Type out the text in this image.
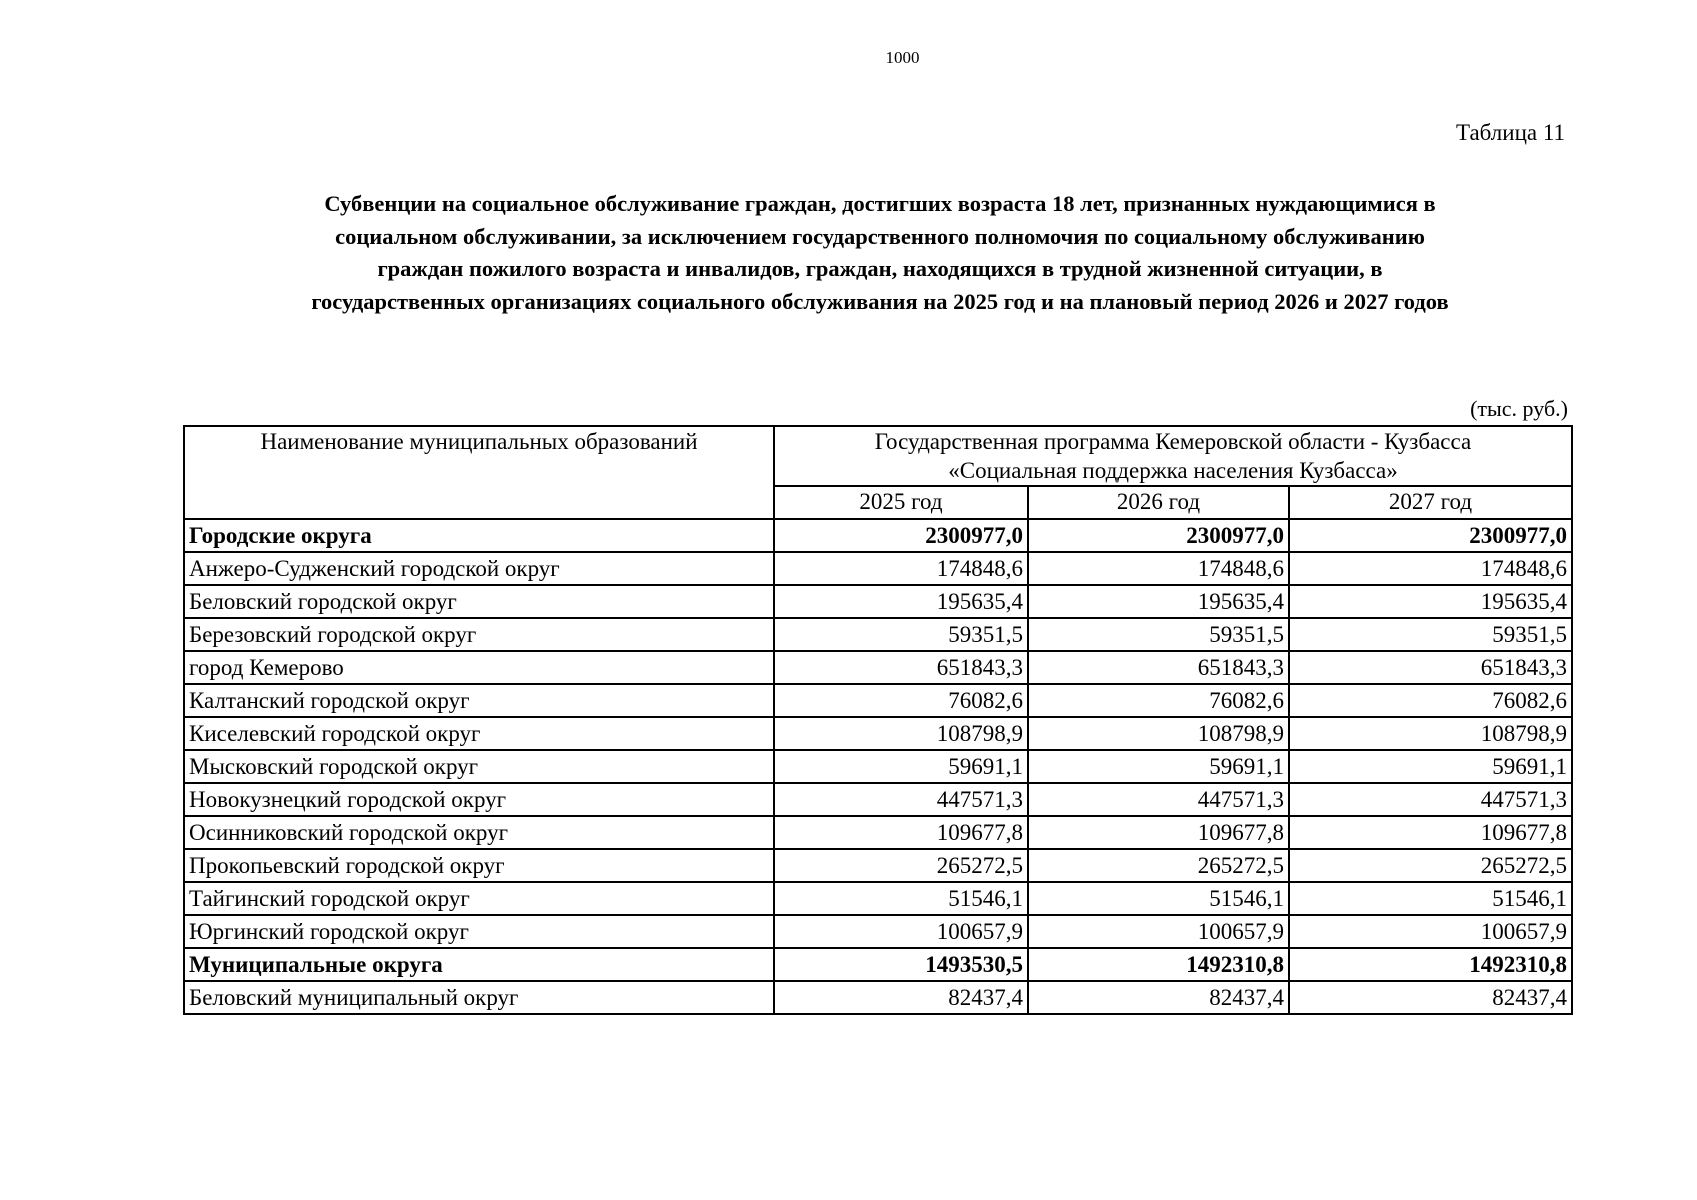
1000
Таблица 11
Субвенции на социальное обслуживание граждан, достигших возраста 18 лет, признанных нуждающимися в
социальном обслуживании, за исключением государственного полномочия по социальному обслуживанию
граждан пожилого возраста и инвалидов, граждан, находящихся в трудной жизненной ситуации, в
государственных организациях социального обслуживания на 2025 год и на плановый период 2026 и 2027 годов
(тыс. руб.)
Наименование муниципальных образований	Государственная программа Кемеровской области - Кузбасса
«Социальная поддержка населения Кузбасса»		

	2025 год	2026 год	2027 год
Городские округа	2300977,0	2300977,0	2300977,0
Анжеро-Судженский городской округ	174848,6	174848,6	174848,6
Беловский городской округ	195635,4	195635,4	195635,4
Березовский городской округ	59351,5	59351,5	59351,5
город Кемерово	651843,3	651843,3	651843,3
Калтанский городской округ	76082,6	76082,6	76082,6
Киселевский городской округ	108798,9	108798,9	108798,9
Мысковский городской округ	59691,1	59691,1	59691,1
Новокузнецкий городской округ	447571,3	447571,3	447571,3
Осинниковский городской округ	109677,8	109677,8	109677,8
Прокопьевский городской округ	265272,5	265272,5	265272,5
Тайгинский городской округ	51546,1	51546,1	51546,1
Юргинский городской округ	100657,9	100657,9	100657,9
Муниципальные округа	1493530,5	1492310,8	1492310,8
Беловский муниципальный округ	82437,4	82437,4	82437,4
